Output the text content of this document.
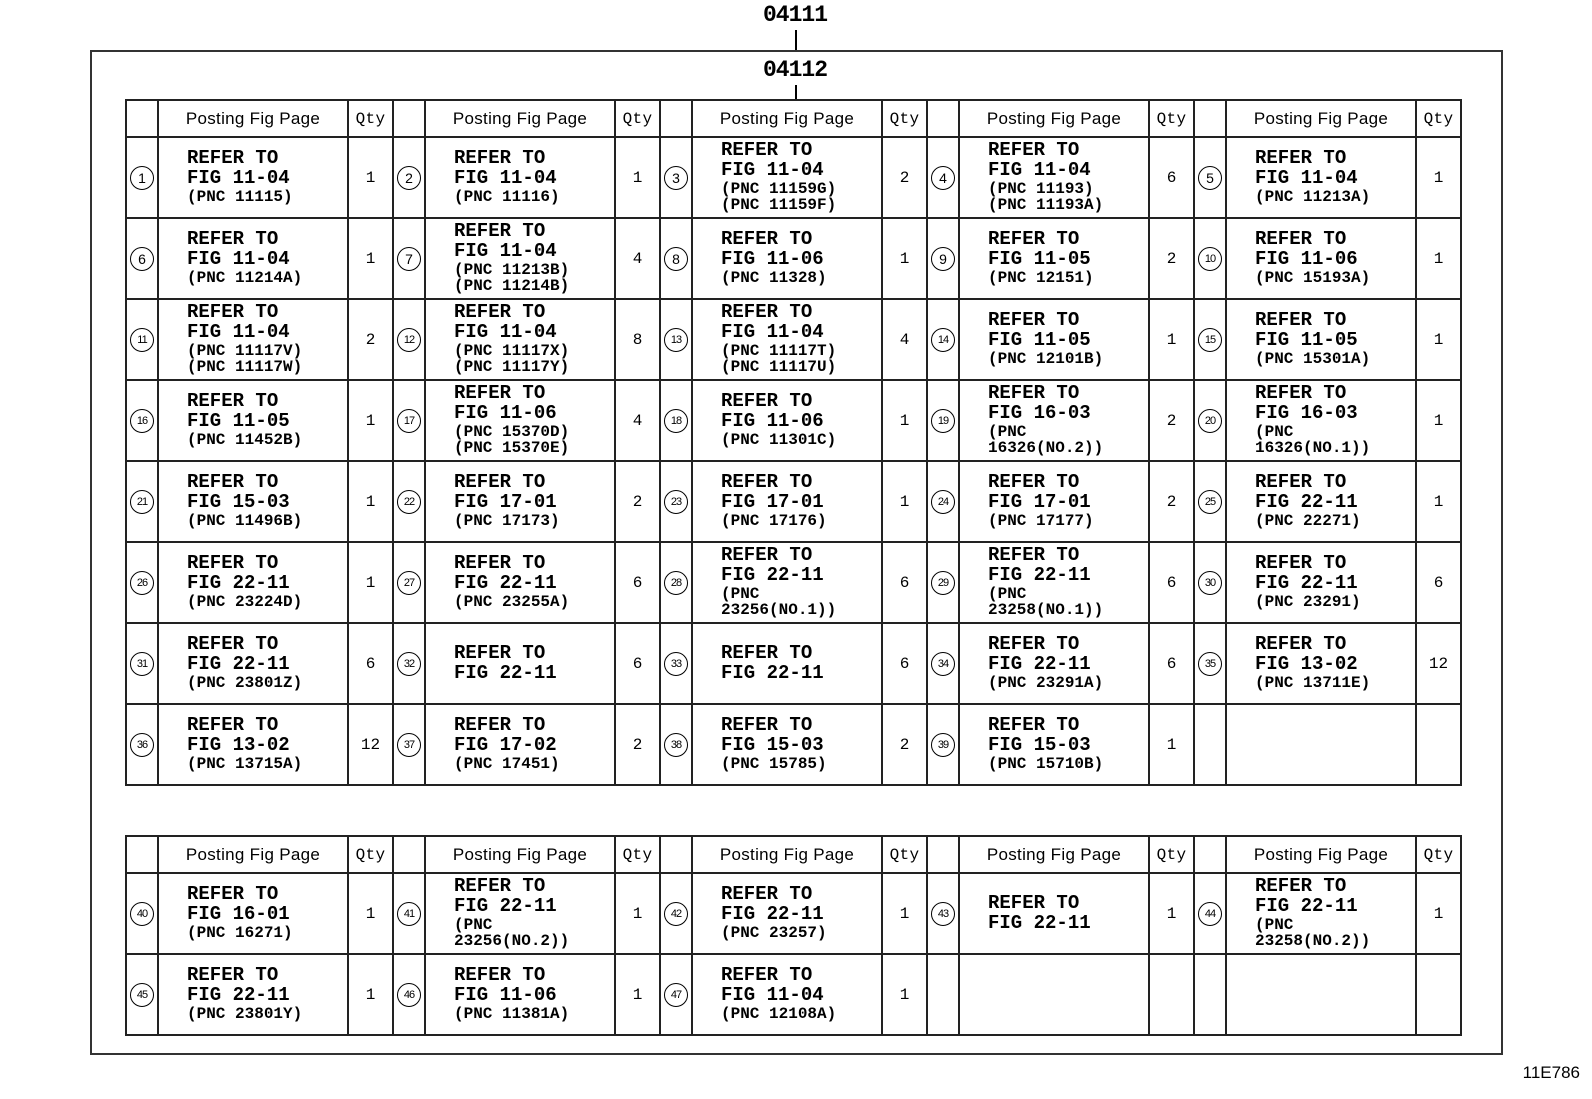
04111
04112
	Posting Fig Page	Qty		Posting Fig Page	Qty		Posting Fig Page	Qty		Posting Fig Page	Qty		Posting Fig Page	Qty
1	REFER TO
FIG 11-04
(PNC 11115)	1	2	REFER TO
FIG 11-04
(PNC 11116)	1	3	REFER TO
FIG 11-04
(PNC 11159G)
(PNC 11159F)	2	4	REFER TO
FIG 11-04
(PNC 11193)
(PNC 11193A)	6	5	REFER TO
FIG 11-04
(PNC 11213A)	1
6	REFER TO
FIG 11-04
(PNC 11214A)	1	7	REFER TO
FIG 11-04
(PNC 11213B)
(PNC 11214B)	4	8	REFER TO
FIG 11-06
(PNC 11328)	1	9	REFER TO
FIG 11-05
(PNC 12151)	2	10	REFER TO
FIG 11-06
(PNC 15193A)	1
11	REFER TO
FIG 11-04
(PNC 11117V)
(PNC 11117W)	2	12	REFER TO
FIG 11-04
(PNC 11117X)
(PNC 11117Y)	8	13	REFER TO
FIG 11-04
(PNC 11117T)
(PNC 11117U)	4	14	REFER TO
FIG 11-05
(PNC 12101B)	1	15	REFER TO
FIG 11-05
(PNC 15301A)	1
16	REFER TO
FIG 11-05
(PNC 11452B)	1	17	REFER TO
FIG 11-06
(PNC 15370D)
(PNC 15370E)	4	18	REFER TO
FIG 11-06
(PNC 11301C)	1	19	REFER TO
FIG 16-03
(PNC 16326(NO.2))	2	20	REFER TO
FIG 16-03
(PNC 16326(NO.1))	1
21	REFER TO
FIG 15-03
(PNC 11496B)	1	22	REFER TO
FIG 17-01
(PNC 17173)	2	23	REFER TO
FIG 17-01
(PNC 17176)	1	24	REFER TO
FIG 17-01
(PNC 17177)	2	25	REFER TO
FIG 22-11
(PNC 22271)	1
26	REFER TO
FIG 22-11
(PNC 23224D)	1	27	REFER TO
FIG 22-11
(PNC 23255A)	6	28	REFER TO
FIG 22-11
(PNC 23256(NO.1))	6	29	REFER TO
FIG 22-11
(PNC 23258(NO.1))	6	30	REFER TO
FIG 22-11
(PNC 23291)	6
31	REFER TO
FIG 22-11
(PNC 23801Z)	6	32	REFER TO
FIG 22-11	6	33	REFER TO
FIG 22-11	6	34	REFER TO
FIG 22-11
(PNC 23291A)	6	35	REFER TO
FIG 13-02
(PNC 13711E)	12
36	REFER TO
FIG 13-02
(PNC 13715A)	12	37	REFER TO
FIG 17-02
(PNC 17451)	2	38	REFER TO
FIG 15-03
(PNC 15785)	2	39	REFER TO
FIG 15-03
(PNC 15710B)	1			
	Posting Fig Page	Qty		Posting Fig Page	Qty		Posting Fig Page	Qty		Posting Fig Page	Qty		Posting Fig Page	Qty
40	REFER TO
FIG 16-01
(PNC 16271)	1	41	REFER TO
FIG 22-11
(PNC 23256(NO.2))	1	42	REFER TO
FIG 22-11
(PNC 23257)	1	43	REFER TO
FIG 22-11	1	44	REFER TO
FIG 22-11
(PNC 23258(NO.2))	1
45	REFER TO
FIG 22-11
(PNC 23801Y)	1	46	REFER TO
FIG 11-06
(PNC 11381A)	1	47	REFER TO
FIG 11-04
(PNC 12108A)	1						
11E786
